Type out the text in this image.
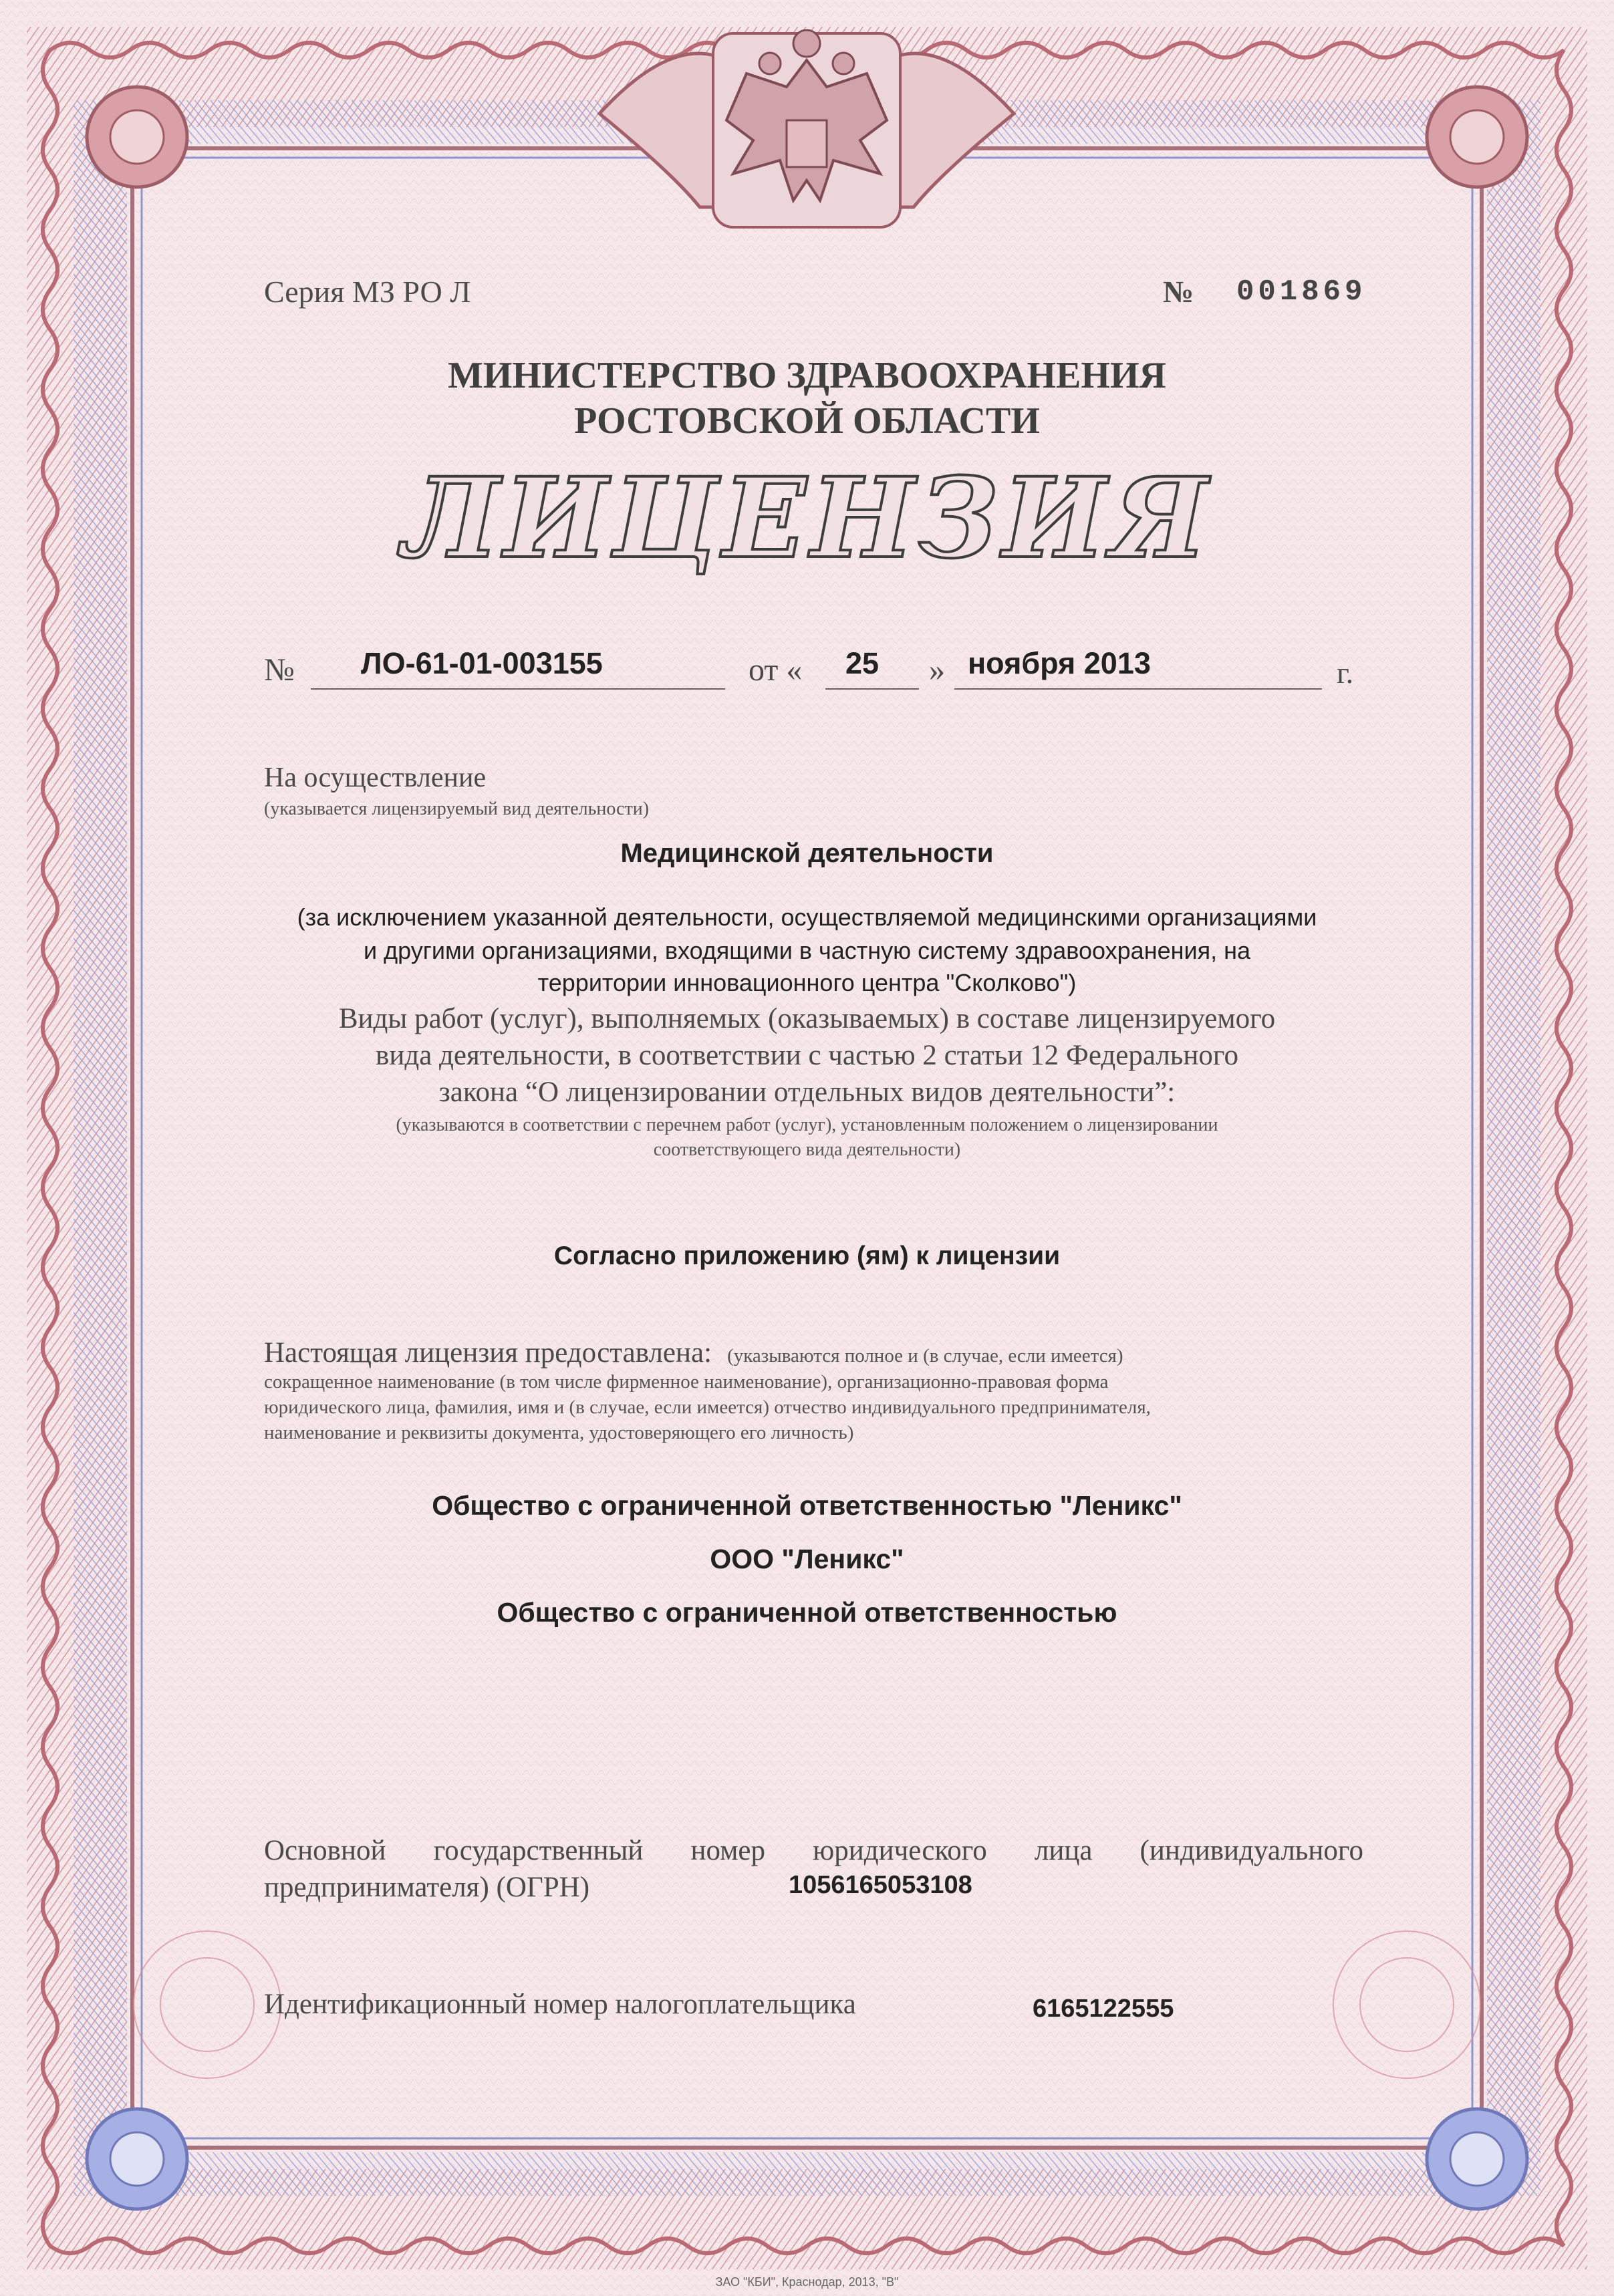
Серия МЗ РО Л	№ 001869
МИНИСТЕРСТВО ЗДРАВООХРАНЕНИЯ
РОСТОВСКОЙ ОБЛАСТИ
ЛИЦЕНЗИЯ
№ ЛО-61-01-003155	от « 25 » ноября 2013	г.
На осуществление
(указывается лицензируемый вид деятельности)
Медицинской деятельности
(за исключением указанной деятельности, осуществляемой медицинскими организациями
и другими организациями, входящими в частную систему здравоохранения, на
территории инновационного центра "Сколково")
Виды работ (услуг), выполняемых (оказываемых) в составе лицензируемого
вида деятельности, в соответствии с частью 2 статьи 12 Федерального
закона “О лицензировании отдельных видов деятельности”:
(указываются в соответствии с перечнем работ (услуг), установленным положением о лицензировании
соответствующего вида деятельности)
Согласно приложению (ям) к лицензии
Настоящая лицензия предоставлена: (указываются полное и (в случае, если имеется)
сокращенное наименование (в том числе фирменное наименование), организационно-правовая форма
юридического лица, фамилия, имя и (в случае, если имеется) отчество индивидуального предпринимателя,
наименование и реквизиты документа, удостоверяющего его личность)
Общество с ограниченной ответственностью "Леникс"
ООО "Леникс"
Общество с ограниченной ответственностью
Основной государственный номер юридического лица (индивидуального
предпринимателя) (ОГРН)	1056165053108
Идентификационный номер налогоплательщика	6165122555
ЗАО "КБИ", Краснодар, 2013, "В"
